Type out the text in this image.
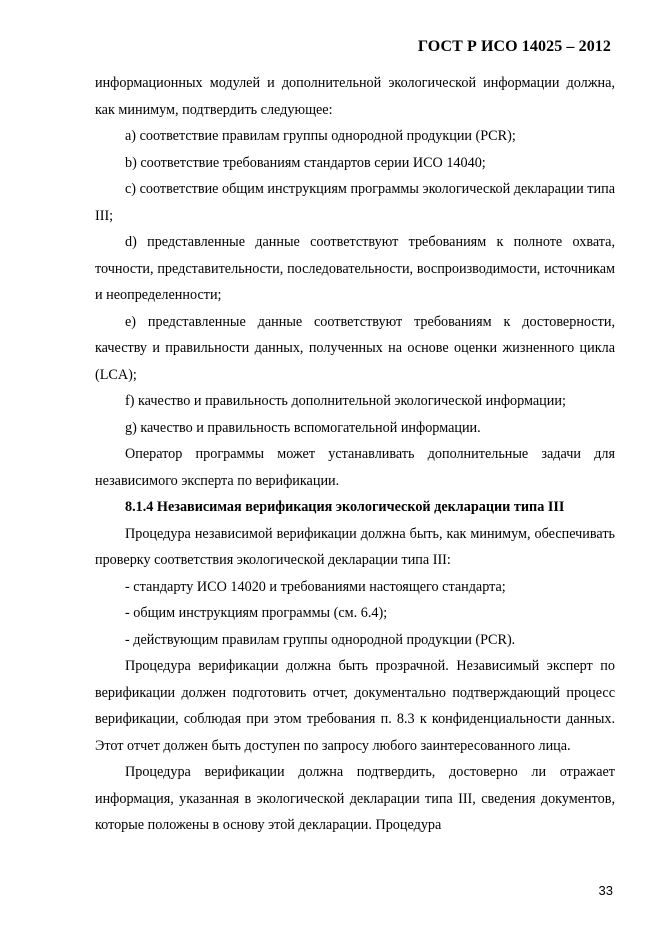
ГОСТ Р ИСО 14025 – 2012

информационных модулей и дополнительной экологической информации должна, как минимум, подтвердить следующее:

а) соответствие правилам группы однородной продукции (PCR);

b) соответствие требованиям стандартов серии ИСО 14040;

c) соответствие общим инструкциям программы экологической декларации типа III;

d) представленные данные соответствуют требованиям к полноте охвата, точности, представительности, последовательности, воспроизводимости, источникам и неопределенности;

e) представленные данные соответствуют требованиям к достоверности, качеству и правильности данных, полученных на основе оценки жизненного цикла (LCA);

f) качество и правильность дополнительной экологической информации;

g) качество и правильность вспомогательной информации.

Оператор программы может устанавливать дополнительные задачи для независимого эксперта по верификации.

8.1.4 Независимая верификация экологической декларации типа III

Процедура независимой верификации должна быть, как минимум, обеспечивать проверку соответствия экологической декларации типа III:

- стандарту ИСО 14020 и требованиями настоящего стандарта;

- общим инструкциям программы (см. 6.4);

- действующим правилам группы однородной продукции (PCR).

Процедура верификации должна быть прозрачной. Независимый эксперт по верификации должен подготовить отчет, документально подтверждающий процесс верификации, соблюдая при этом требования п. 8.3 к конфиденциальности данных. Этот отчет должен быть доступен по запросу любого заинтересованного лица.

Процедура верификации должна подтвердить, достоверно ли отражает информация, указанная в экологической декларации типа III, сведения документов, которые положены в основу этой декларации. Процедура

33
